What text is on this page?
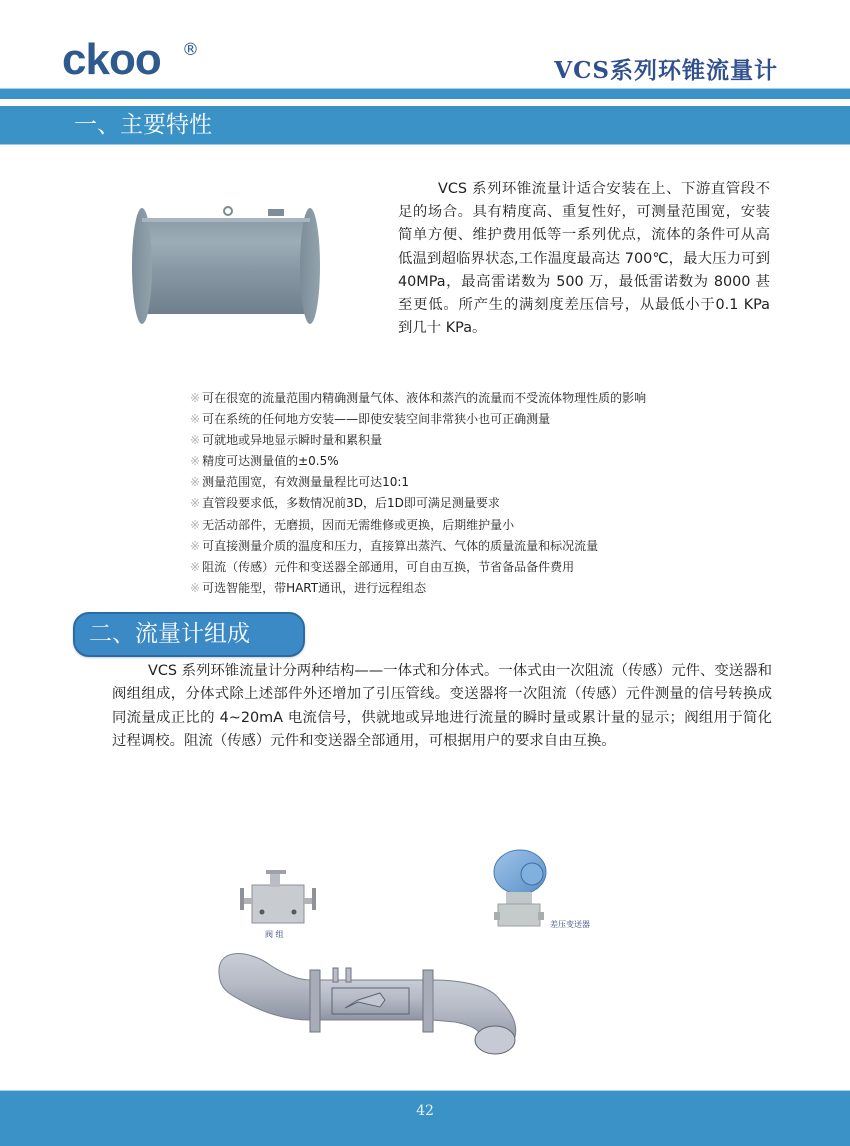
ckoo ®
VCS系列环锥流量计
一、主要特性

VCS 系列环锥流量计适合安装在上、下游直管段不足的场合。具有精度高、重复性好，可测量范围宽，安装简单方便、维护费用低等一系列优点，流体的条件可从高低温到超临界状态,工作温度最高达 700℃，最大压力可到 40MPa，最高雷诺数为 500 万，最低雷诺数为 8000 甚至更低。所产生的满刻度差压信号，从最低小于0.1 KPa 到几十 KPa。

※ 可在很宽的流量范围内精确测量气体、液体和蒸汽的流量而不受流体物理性质的影响
※ 可在系统的任何地方安装——即使安装空间非常狭小也可正确测量
※ 可就地或异地显示瞬时量和累积量
※ 精度可达测量值的±0.5%
※ 测量范围宽，有效测量量程比可达10:1
※ 直管段要求低，多数情况前3D，后1D即可满足测量要求
※ 无活动部件，无磨损，因而无需维修或更换，后期维护量小
※ 可直接测量介质的温度和压力，直接算出蒸汽、气体的质量流量和标况流量
※ 阻流（传感）元件和变送器全部通用，可自由互换，节省备品备件费用
※ 可选智能型，带HART通讯，进行远程组态
二、流量计组成

VCS 系列环锥流量计分两种结构——一体式和分体式。一体式由一次阻流（传感）元件、变送器和阀组组成，分体式除上述部件外还增加了引压管线。变送器将一次阻流（传感）元件测量的信号转换成同流量成正比的 4~20mA 电流信号，供就地或异地进行流量的瞬时量或累计量的显示；阀组用于简化过程调校。阻流（传感）元件和变送器全部通用，可根据用户的要求自由互换。

阀 组
差压变送器
42
